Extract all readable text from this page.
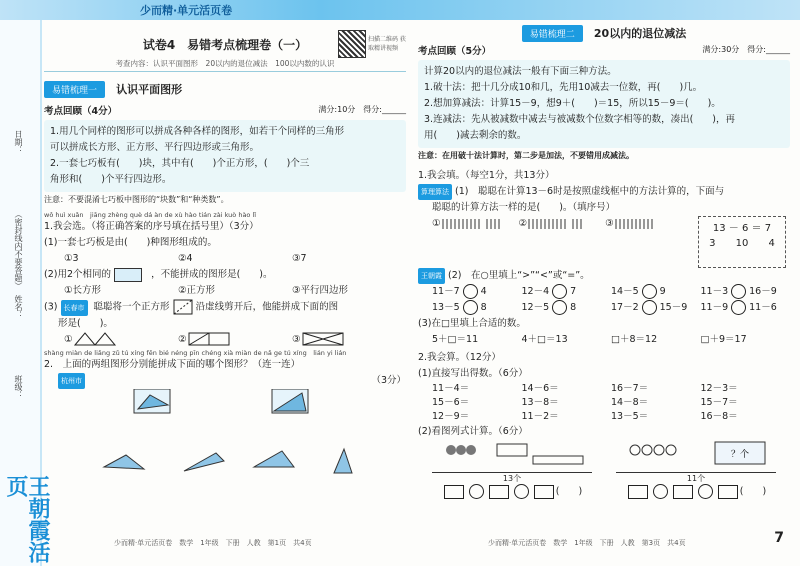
少而精·单元活页卷
日期：
（密封线内不要答题）
姓名：
班级：
王朝霞活页
试卷4　易错考点梳理卷（一）	扫描二维码 获取精讲视频
考查内容：认识平面图形　20以内的退位减法　100以内数的认识
易错梳理一 认识平面图形
考点回顾（4分）	满分:10分　得分:______
1.用几个同样的图形可以拼成各种各样的图形，如若干个同样的三角形
可以拼成长方形、正方形、平行四边形或三角形。
2.一套七巧板有(　　)块，其中有(　　)个正方形，(　　)个三
角形和(　　)个平行四边形。
注意：不要混淆七巧板中图形的“块数”和“种类数”。
wǒ huì xuǎn　jiāng zhèng què dá àn de xù hào tián zài kuò hào lǐ
1.我会选。（将正确答案的序号填在括号里）（3分）
(1)一套七巧板是由(　　)种图形组成的。
①3	②4	③7
(2)用2个相同的	，不能拼成的图形是(　　)。
①长方形	②正方形	③平行四边形
(3) 长春市 聪聪将一个正方形	沿虚线剪开后，他能拼成下面的图
形是(　　)。
①	②	③
shàng miàn de liǎng zǔ tú xíng fēn bié néng pīn chéng xià miàn de nǎ ge tú xíng　lián yi lián
2.　上面的两组图形分别能拼成下面的哪个图形？（连一连）
杭州市	（3分）
少而精·单元活页卷　数学　1年级　下册　人教　第1页　共4页
易错梳理二 20以内的退位减法
考点回顾（5分）	满分:30分　得分:______
计算20以内的退位减法一般有下面三种方法。
1.破十法：把十几分成10和几，先用10减去一位数，再(　　)几。
2.想加算减法：计算15－9，想9＋(　　)＝15，所以15－9＝(　　)。
3.连减法：先从被减数中减去与被减数个位数字相等的数，凑出(　　)，再
用(　　)减去剩余的数。
注意：在用破十法计算时，第二步是加法，不要错用成减法。
1.我会填。（每空1分，共13分）
算理算法 (1)　聪聪在计算13－6时是按照虚线框中的方法计算的，下面与
聪聪的计算方法一样的是(　　)。（填序号）
①	②	③	13 － 6 ＝ 7
3 10 4
王朝霞 (2)　在○里填上“>”“<”或“=”。
11－7 4	12－4 7	14－5 9	11－3 16－9
13－5 8	12－5 8	17－2 15－9	11－9 11－6
(3)在□里填上合适的数。
5＋□＝11	4＋□＝13	□＋8＝12	□＋9＝17
2.我会算。（12分）
(1)直接写出得数。（6分）
11－4＝	14－6＝	16－7＝	12－3＝
15－6＝	13－8＝	14－8＝	15－7＝
12－9＝	11－2＝	13－5＝	16－8＝
(2)看图列式计算。（6分）
13个
(　　)
？个
11个
(　　)
少而精·单元活页卷　数学　1年级　下册　人教　第3页　共4页	7
